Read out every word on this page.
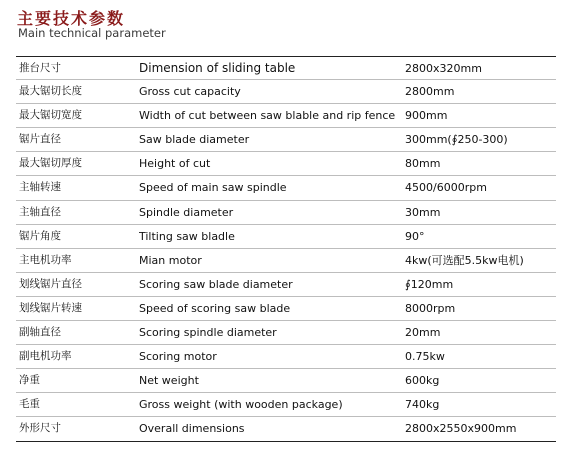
主要技术参数
Main technical parameter
推台尺寸	Dimension of sliding table	2800x320mm
最大锯切长度	Gross cut capacity	2800mm
最大锯切宽度	Width of cut between saw blable and rip fence 900mm
锯片直径	Saw blade diameter	300mm(∮250-300)
最大锯切厚度	Height of cut	80mm
主轴转速	Speed of main saw spindle	4500/6000rpm
主轴直径	Spindle diameter	30mm
锯片角度	Tilting saw bladle	90°
主电机功率	Mian motor	4kw(可选配5.5kw电机)
划线锯片直径	Scoring saw blade diameter	∮120mm
划线锯片转速	Speed of scoring saw blade	8000rpm
副轴直径	Scoring spindle diameter	20mm
副电机功率	Scoring motor	0.75kw
净重	Net weight	600kg
毛重	Gross weight (with wooden package)	740kg
外形尺寸	Overall dimensions	2800x2550x900mm
